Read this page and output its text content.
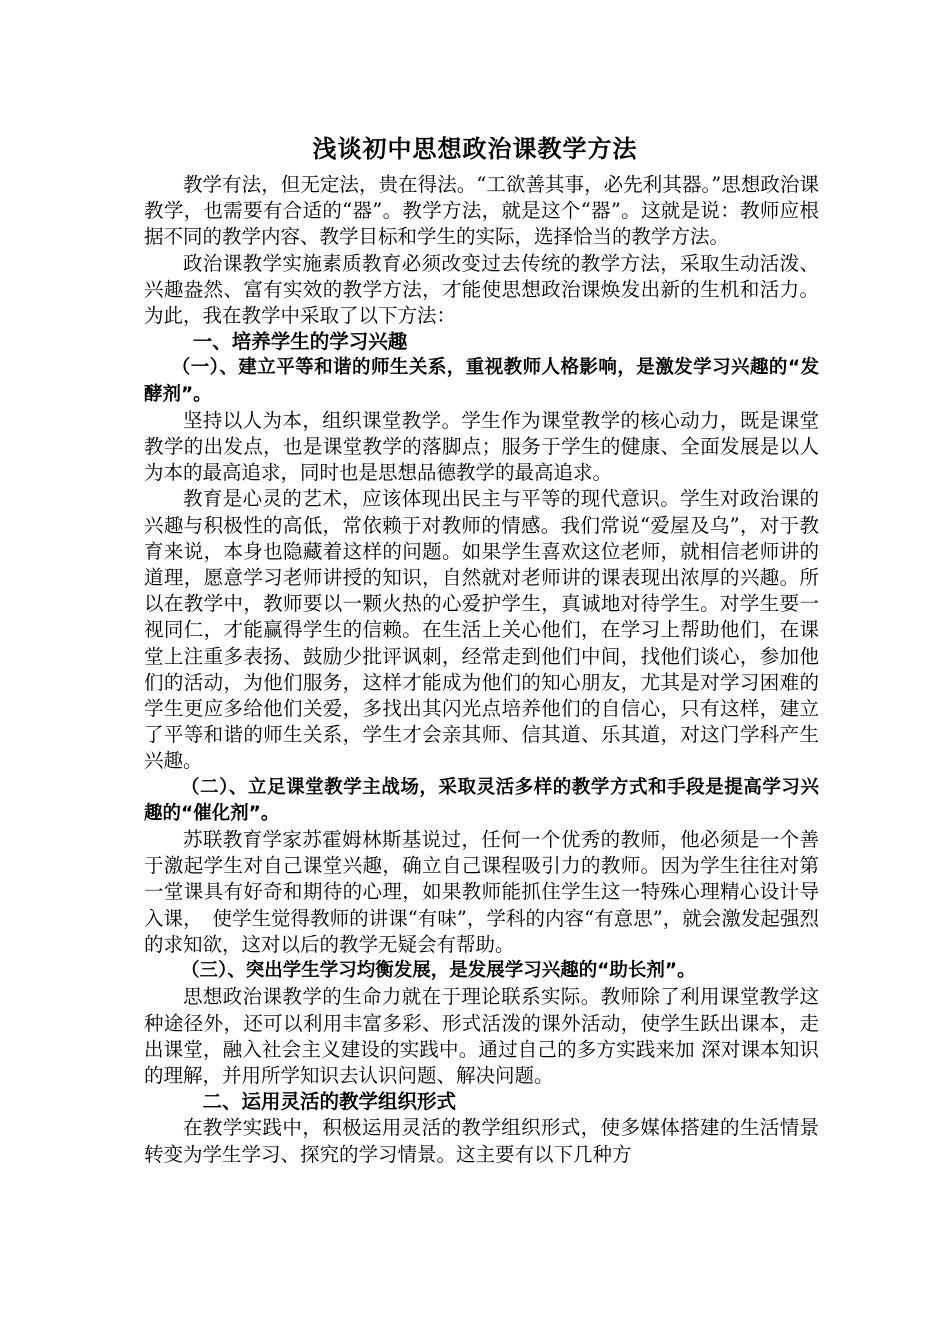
浅谈初中思想政治课教学方法

教学有法，但无定法，贵在得法。“工欲善其事，必先利其器。”思想政治课教学，也需要有合适的“器”。教学方法，就是这个“器”。这就是说：教师应根据不同的教学内容、教学目标和学生的实际，选择恰当的教学方法。

政治课教学实施素质教育必须改变过去传统的教学方法，采取生动活泼、兴趣盎然、富有实效的教学方法，才能使思想政治课焕发出新的生机和活力。为此，我在教学中采取了以下方法：

一、培养学生的学习兴趣

（一）、建立平等和谐的师生关系，重视教师人格影响，是激发学习兴趣的“发酵剂”。

坚持以人为本，组织课堂教学。学生作为课堂教学的核心动力，既是课堂教学的出发点，也是课堂教学的落脚点；服务于学生的健康、全面发展是以人为本的最高追求，同时也是思想品德教学的最高追求。

教育是心灵的艺术，应该体现出民主与平等的现代意识。学生对政治课的兴趣与积极性的高低，常依赖于对教师的情感。我们常说“爱屋及乌”，对于教育来说，本身也隐藏着这样的问题。如果学生喜欢这位老师，就相信老师讲的道理，愿意学习老师讲授的知识，自然就对老师讲的课表现出浓厚的兴趣。所以在教学中，教师要以一颗火热的心爱护学生，真诚地对待学生。对学生要一视同仁，才能赢得学生的信赖。在生活上关心他们，在学习上帮助他们，在课堂上注重多表扬、鼓励少批评讽刺，经常走到他们中间，找他们谈心，参加他们的活动，为他们服务，这样才能成为他们的知心朋友，尤其是对学习困难的学生更应多给他们关爱，多找出其闪光点培养他们的自信心，只有这样，建立了平等和谐的师生关系，学生才会亲其师、信其道、乐其道，对这门学科产生兴趣。

（二）、立足课堂教学主战场，采取灵活多样的教学方式和手段是提高学习兴趣的“催化剂”。

苏联教育学家苏霍姆林斯基说过，任何一个优秀的教师，他必须是一个善于激起学生对自己课堂兴趣，确立自己课程吸引力的教师。因为学生往往对第一堂课具有好奇和期待的心理，如果教师能抓住学生这一特殊心理精心设计导入课，　使学生觉得教师的讲课“有味”，学科的内容“有意思”，就会激发起强烈的求知欲，这对以后的教学无疑会有帮助。

（三）、突出学生学习均衡发展，是发展学习兴趣的“助长剂”。

思想政治课教学的生命力就在于理论联系实际。教师除了利用课堂教学这种途径外，还可以利用丰富多彩、形式活泼的课外活动，使学生跃出课本，走出课堂，融入社会主义建设的实践中。通过自己的多方实践来加 深对课本知识的理解，并用所学知识去认识问题、解决问题。

二、运用灵活的教学组织形式

在教学实践中，积极运用灵活的教学组织形式，使多媒体搭建的生活情景转变为学生学习、探究的学习情景。这主要有以下几种方
